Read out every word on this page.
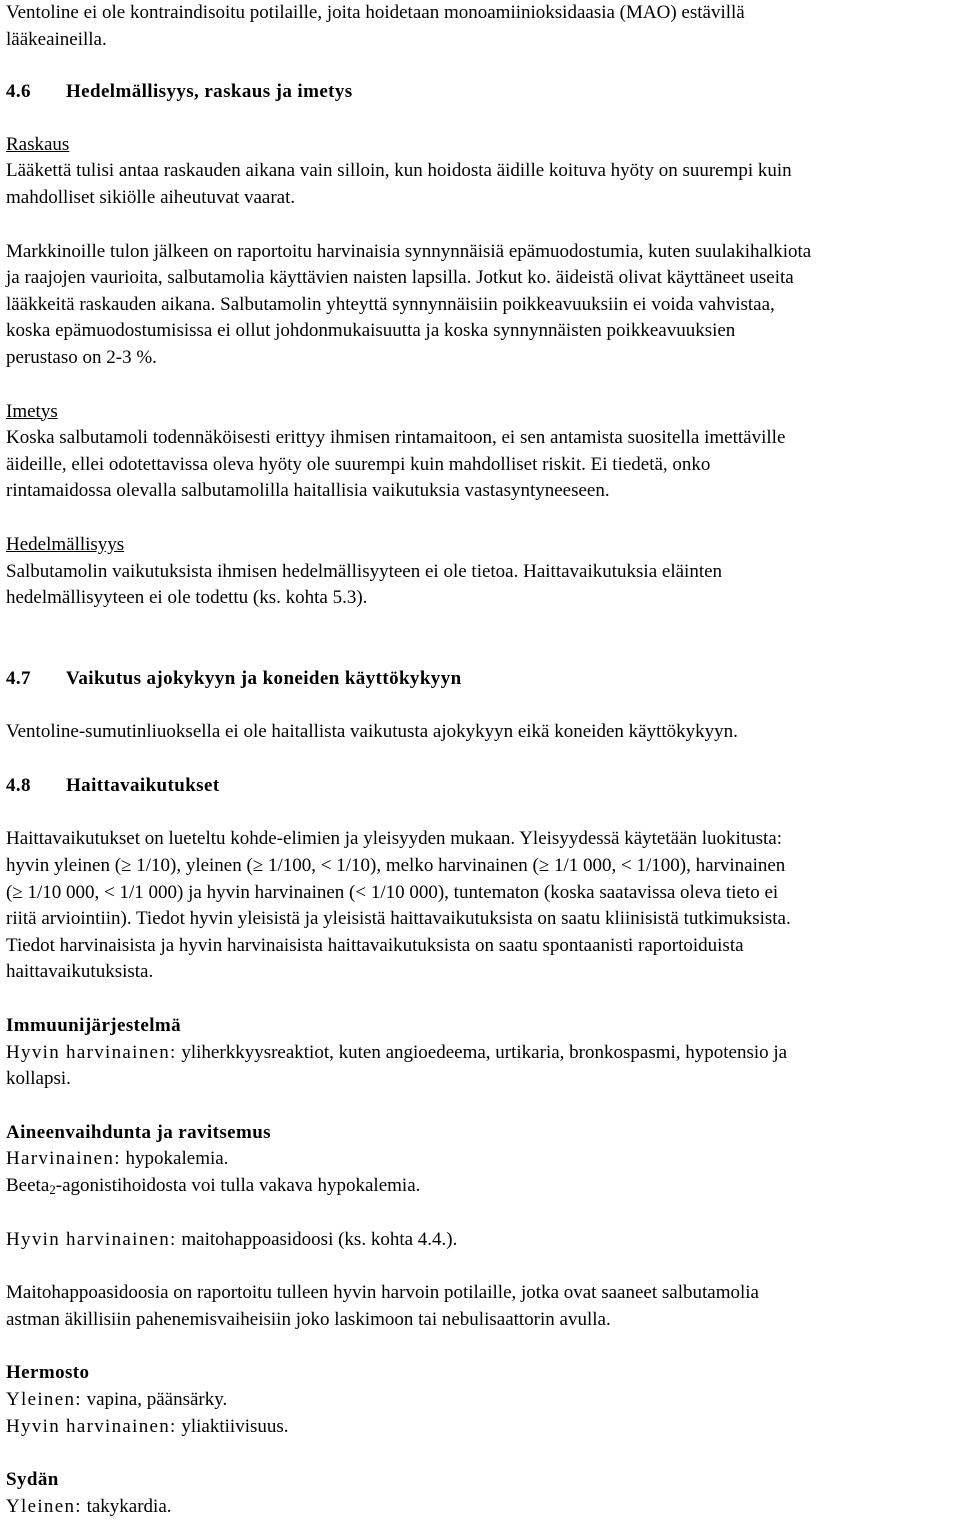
Ventoline ei ole kontraindisoitu potilaille, joita hoidetaan monoamiinioksidaasia (MAO) estävillä

lääkeaineilla.

4.6 Hedelmällisyys, raskaus ja imetys

Raskaus

Lääkettä tulisi antaa raskauden aikana vain silloin, kun hoidosta äidille koituva hyöty on suurempi kuin

mahdolliset sikiölle aiheutuvat vaarat.

Markkinoille tulon jälkeen on raportoitu harvinaisia synnynnäisiä epämuodostumia, kuten suulakihalkiota

ja raajojen vaurioita, salbutamolia käyttävien naisten lapsilla. Jotkut ko. äideistä olivat käyttäneet useita

lääkkeitä raskauden aikana. Salbutamolin yhteyttä synnynnäisiin poikkeavuuksiin ei voida vahvistaa,

koska epämuodostumisissa ei ollut johdonmukaisuutta ja koska synnynnäisten poikkeavuuksien

perustaso on 2-3 %.

Imetys

Koska salbutamoli todennäköisesti erittyy ihmisen rintamaitoon, ei sen antamista suositella imettäville

äideille, ellei odotettavissa oleva hyöty ole suurempi kuin mahdolliset riskit. Ei tiedetä, onko

rintamaidossa olevalla salbutamolilla haitallisia vaikutuksia vastasyntyneeseen.

Hedelmällisyys

Salbutamolin vaikutuksista ihmisen hedelmällisyyteen ei ole tietoa. Haittavaikutuksia eläinten

hedelmällisyyteen ei ole todettu (ks. kohta 5.3).

4.7 Vaikutus ajokykyyn ja koneiden käyttökykyyn

Ventoline-sumutinliuoksella ei ole haitallista vaikutusta ajokykyyn eikä koneiden käyttökykyyn.

4.8 Haittavaikutukset

Haittavaikutukset on lueteltu kohde-elimien ja yleisyyden mukaan. Yleisyydessä käytetään luokitusta:

hyvin yleinen (≥ 1/10), yleinen (≥ 1/100, < 1/10), melko harvinainen (≥ 1/1 000, < 1/100), harvinainen

(≥ 1/10 000, < 1/1 000) ja hyvin harvinainen (< 1/10 000), tuntematon (koska saatavissa oleva tieto ei

riitä arviointiin). Tiedot hyvin yleisistä ja yleisistä haittavaikutuksista on saatu kliinisistä tutkimuksista.

Tiedot harvinaisista ja hyvin harvinaisista haittavaikutuksista on saatu spontaanisti raportoiduista

haittavaikutuksista.

Immuunijärjestelmä

Hyvin harvinainen: yliherkkyysreaktiot, kuten angioedeema, urtikaria, bronkospasmi, hypotensio ja

kollapsi.

Aineenvaihdunta ja ravitsemus

Harvinainen: hypokalemia.

Beeta$_2$-agonistihoidosta voi tulla vakava hypokalemia.

Hyvin harvinainen: maitohappoasidoosi (ks. kohta 4.4.).

Maitohappoasidoosia on raportoitu tulleen hyvin harvoin potilaille, jotka ovat saaneet salbutamolia

astman äkillisiin pahenemisvaiheisiin joko laskimoon tai nebulisaattorin avulla.

Hermosto

Yleinen: vapina, päänsärky.

Hyvin harvinainen: yliaktiivisuus.

Sydän

Yleinen: takykardia.
